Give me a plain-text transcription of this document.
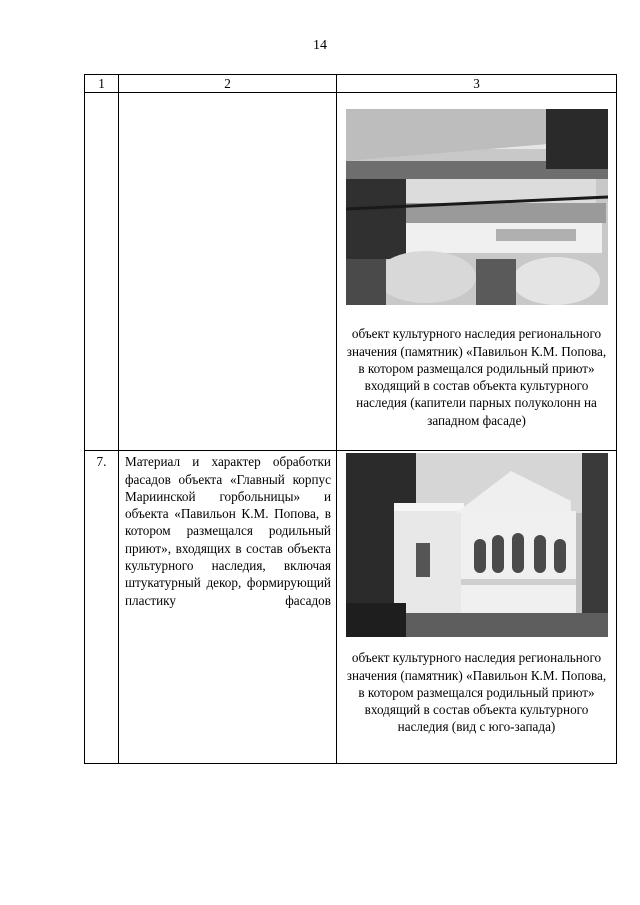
14
1	2	3

		объект культурного наследия регионального значения (памятник) «Павильон К.М. Попова, в котором размещался родильный приют» входящий в состав объекта культурного наследия (капители парных полуколонн на западном фасаде)

7.	Материал и характер обработки фасадов объекта «Главный корпус Мариинской горбольницы» и объекта «Павильон К.М. Попова, в котором размещался родильный приют», входящих в состав объекта культурного наследия, включая штукатурный декор, формирующий пластику фасадов	объект культурного наследия регионального значения (памятник) «Павильон К.М. Попова, в котором размещался родильный приют» входящий в состав объекта культурного наследия (вид с юго-запада)
